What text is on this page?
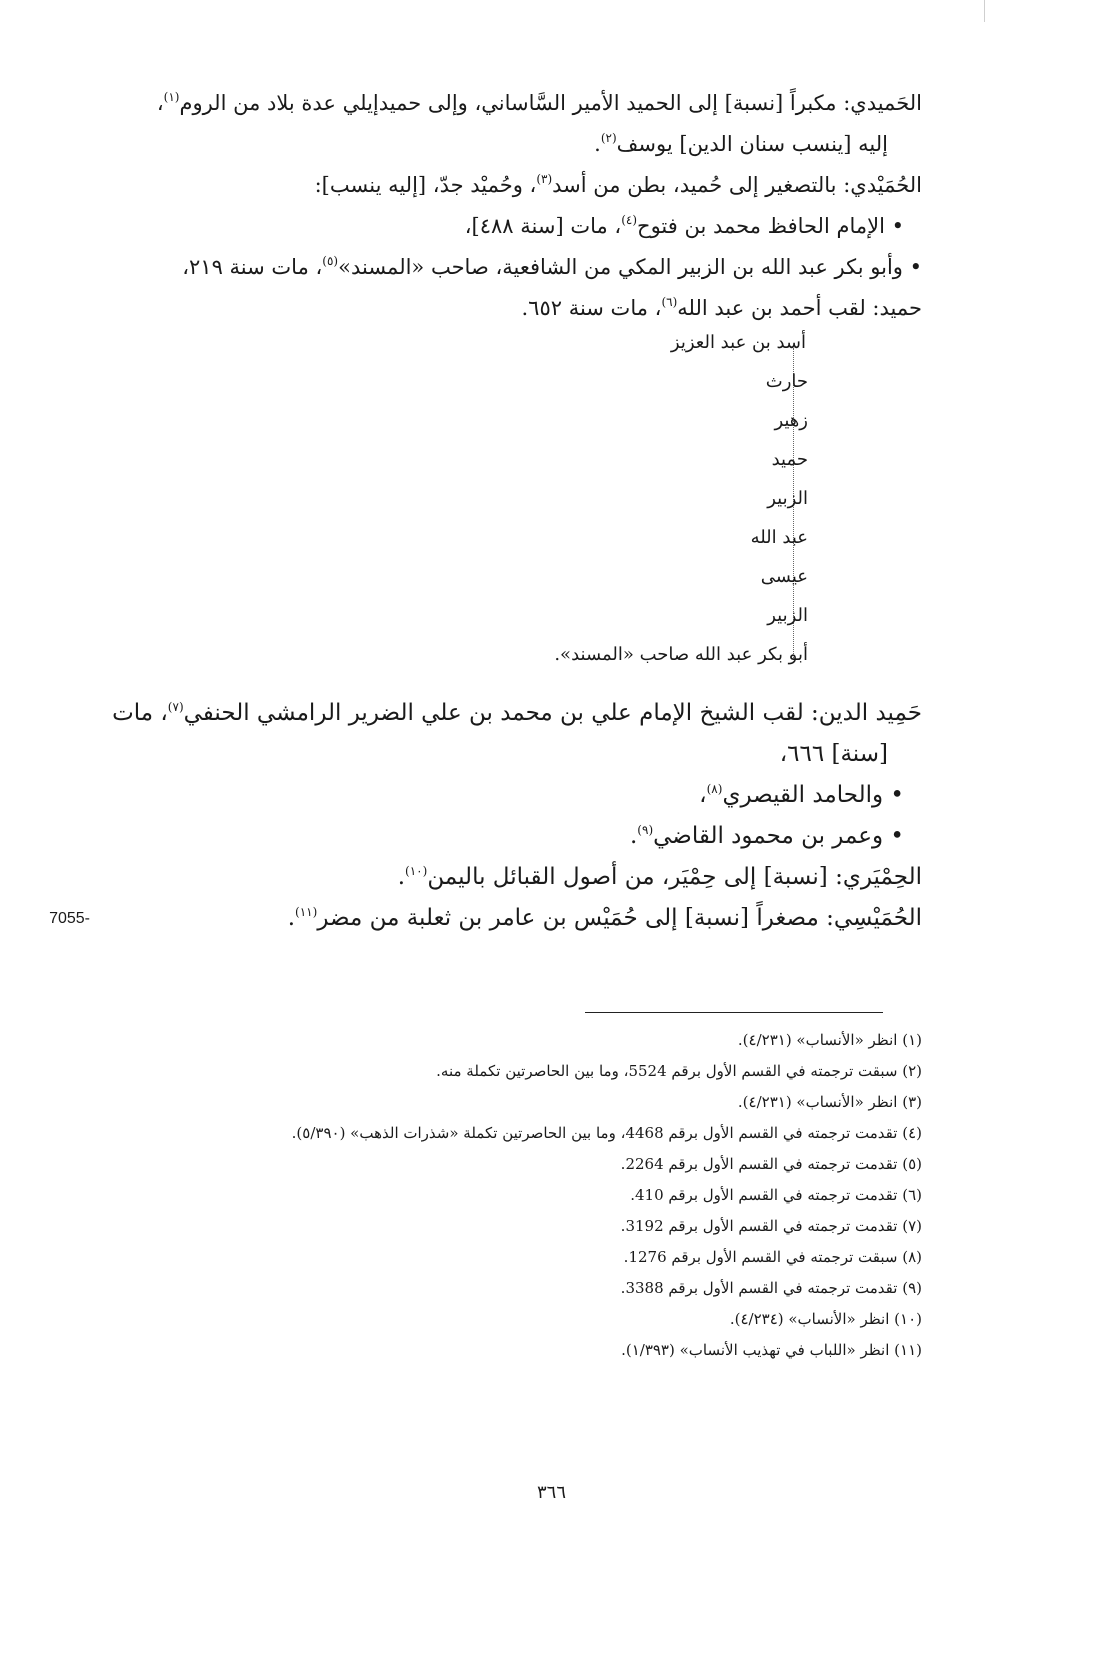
الحَميدي: مكبراً [نسبة] إلى الحميد الأمير السَّاساني، وإلى حميدإيلي عدة بلاد من الروم$^{(١)}$،
إليه [ينسب سنان الدين] يوسف$^{(٢)}$.
الحُمَيْدي: بالتصغير إلى حُميد، بطن من أسد$^{(٣)}$، وحُميْد جدّ، [إليه ينسب]:
• الإمام الحافظ محمد بن فتوح$^{(٤)}$، مات [سنة ٤٨٨]،
• وأبو بكر عبد الله بن الزبير المكي من الشافعية، صاحب «المسند»$^{(٥)}$، مات سنة ٢١٩،
حميد: لقب أحمد بن عبد الله$^{(٦)}$، مات سنة ٦٥٢.
أسد بن عبد العزيز
حارث
زهير
حميد
الزبير
عبد الله
عيسى
الزبير
أبو بكر عبد الله صاحب «المسند».
حَمِيد الدين: لقب الشيخ الإمام علي بن محمد بن علي الضرير الرامشي الحنفي$^{(٧)}$، مات
[سنة] ٦٦٦،
• والحامد القيصري$^{(٨)}$،
• وعمر بن محمود القاضي$^{(٩)}$.
الحِمْيَري: [نسبة] إلى حِمْيَر، من أصول القبائل باليمن$^{(١٠)}$.
7055-	الحُمَيْسِي: مصغراً [نسبة] إلى حُمَيْس بن عامر بن ثعلبة من مضر$^{(١١)}$.
(١) انظر «الأنساب» (٤/٢٣١).
(٢) سبقت ترجمته في القسم الأول برقم 5524، وما بين الحاصرتين تكملة منه.
(٣) انظر «الأنساب» (٤/٢٣١).
(٤) تقدمت ترجمته في القسم الأول برقم 4468، وما بين الحاصرتين تكملة «شذرات الذهب» (٥/٣٩٠).
(٥) تقدمت ترجمته في القسم الأول برقم 2264.
(٦) تقدمت ترجمته في القسم الأول برقم 410.
(٧) تقدمت ترجمته في القسم الأول برقم 3192.
(٨) سبقت ترجمته في القسم الأول برقم 1276.
(٩) تقدمت ترجمته في القسم الأول برقم 3388.
(١٠) انظر «الأنساب» (٤/٢٣٤).
(١١) انظر «اللباب في تهذيب الأنساب» (١/٣٩٣).
٣٦٦
